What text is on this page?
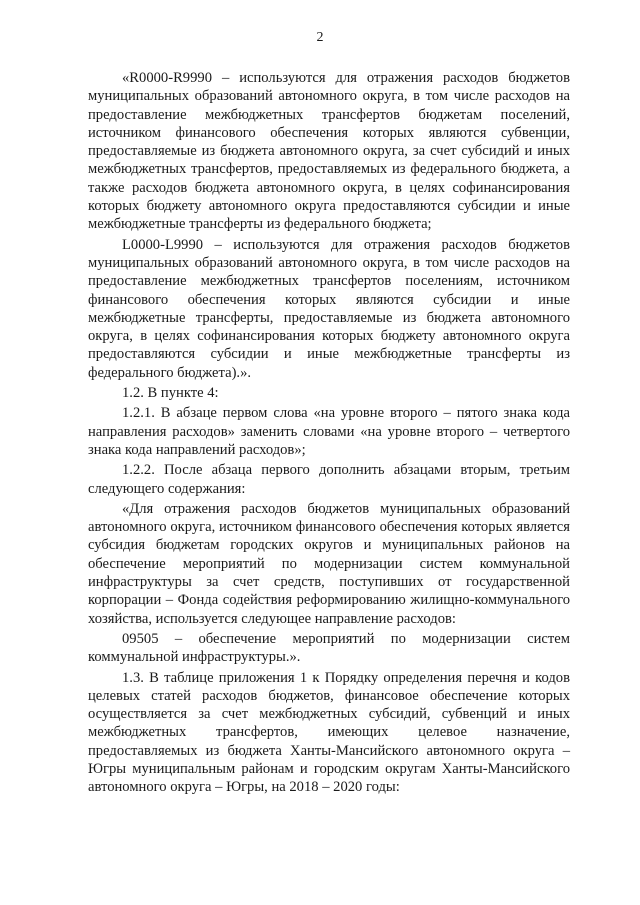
2

«R0000-R9990 – используются для отражения расходов бюджетов муниципальных образований автономного округа, в том числе расходов на предоставление межбюджетных трансфертов бюджетам поселений, источником финансового обеспечения которых являются субвенции, предоставляемые из бюджета автономного округа, за счет субсидий и иных межбюджетных трансфертов, предоставляемых из федерального бюджета, а также расходов бюджета автономного округа, в целях софинансирования которых бюджету автономного округа предоставляются субсидии и иные межбюджетные трансферты из федерального бюджета;

L0000-L9990 – используются для отражения расходов бюджетов муниципальных образований автономного округа, в том числе расходов на предоставление межбюджетных трансфертов поселениям, источником финансового обеспечения которых являются субсидии и иные межбюджетные трансферты, предоставляемые из бюджета автономного округа, в целях софинансирования которых бюджету автономного округа предоставляются субсидии и иные межбюджетные трансферты из федерального бюджета).».

1.2. В пункте 4:

1.2.1. В абзаце первом слова «на уровне второго – пятого знака кода направления расходов» заменить словами «на уровне второго – четвертого знака кода направлений расходов»;

1.2.2. После абзаца первого дополнить абзацами вторым, третьим следующего содержания:

«Для отражения расходов бюджетов муниципальных образований автономного округа, источником финансового обеспечения которых является субсидия бюджетам городских округов и муниципальных районов на обеспечение мероприятий по модернизации систем коммунальной инфраструктуры за счет средств, поступивших от государственной корпорации – Фонда содействия реформированию жилищно-коммунального хозяйства, используется следующее направление расходов:

09505 – обеспечение мероприятий по модернизации систем коммунальной инфраструктуры.».

1.3. В таблице приложения 1 к Порядку определения перечня и кодов целевых статей расходов бюджетов, финансовое обеспечение которых осуществляется за счет межбюджетных субсидий, субвенций и иных межбюджетных трансфертов, имеющих целевое назначение, предоставляемых из бюджета Ханты-Мансийского автономного округа – Югры муниципальным районам и городским округам Ханты-Мансийского автономного округа – Югры, на 2018 – 2020 годы:
